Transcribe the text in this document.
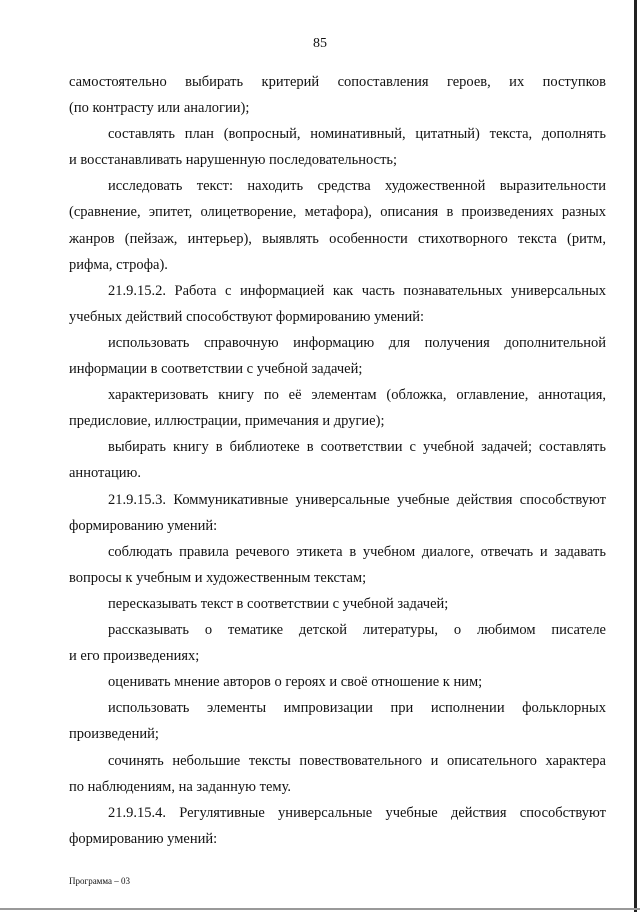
85
самостоятельно выбирать критерий сопоставления героев, их поступков
(по контрасту или аналогии);
составлять план (вопросный, номинативный, цитатный) текста, дополнять
и восстанавливать нарушенную последовательность;
исследовать текст: находить средства художественной выразительности
(сравнение, эпитет, олицетворение, метафора), описания в произведениях разных
жанров (пейзаж, интерьер), выявлять особенности стихотворного текста (ритм,
рифма, строфа).
21.9.15.2. Работа с информацией как часть познавательных универсальных
учебных действий способствуют формированию умений:
использовать справочную информацию для получения дополнительной
информации в соответствии с учебной задачей;
характеризовать книгу по её элементам (обложка, оглавление, аннотация,
предисловие, иллюстрации, примечания и другие);
выбирать книгу в библиотеке в соответствии с учебной задачей; составлять
аннотацию.
21.9.15.3. Коммуникативные универсальные учебные действия способствуют
формированию умений:
соблюдать правила речевого этикета в учебном диалоге, отвечать и задавать
вопросы к учебным и художественным текстам;
пересказывать текст в соответствии с учебной задачей;
рассказывать о тематике детской литературы, о любимом писателе
и его произведениях;
оценивать мнение авторов о героях и своё отношение к ним;
использовать элементы импровизации при исполнении фольклорных
произведений;
сочинять небольшие тексты повествовательного и описательного характера
по наблюдениям, на заданную тему.
21.9.15.4. Регулятивные универсальные учебные действия способствуют
формированию умений:
Программа – 03
